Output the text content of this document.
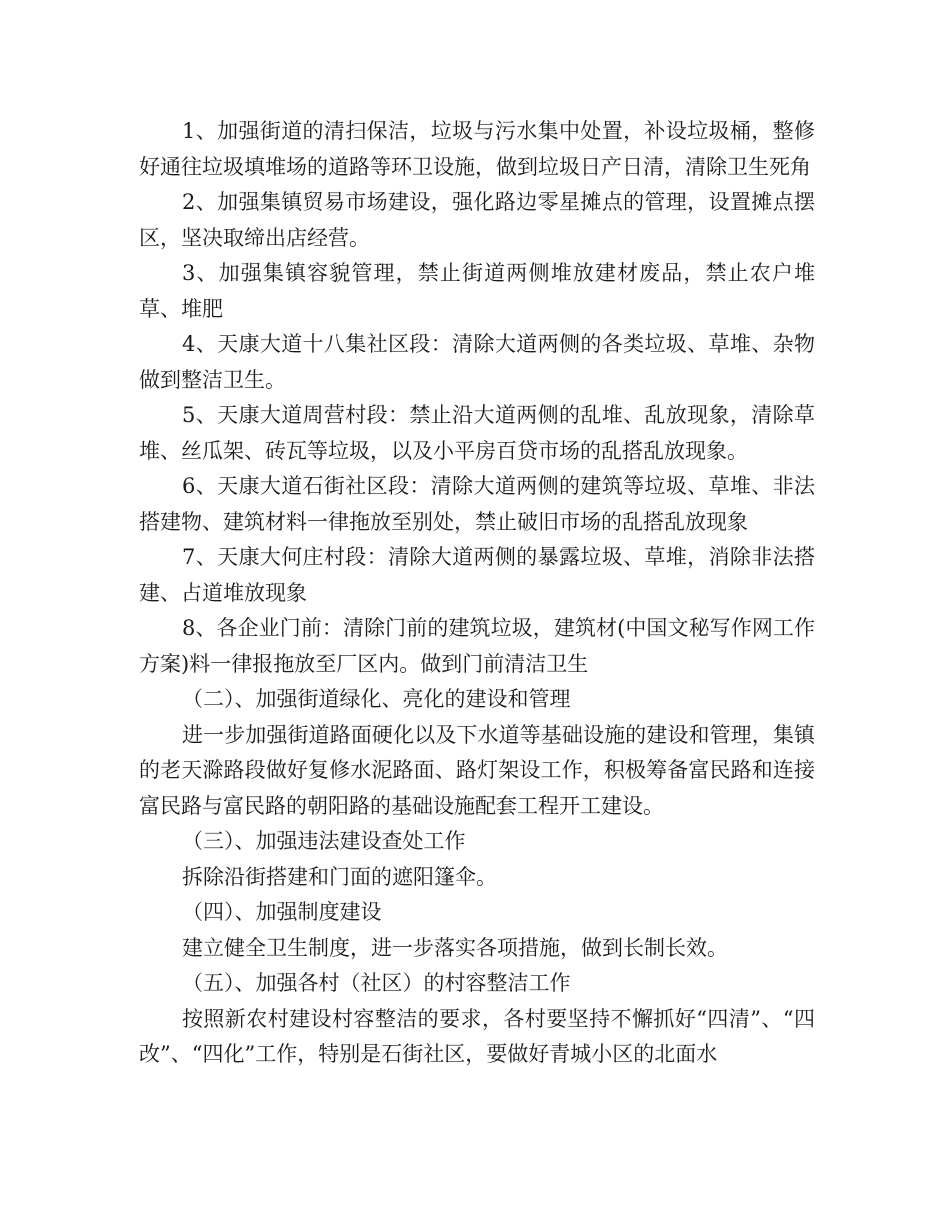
1、加强街道的清扫保洁，垃圾与污水集中处置，补设垃圾桶，整修好通往垃圾填堆场的道路等环卫设施，做到垃圾日产日清，清除卫生死角

2、加强集镇贸易市场建设，强化路边零星摊点的管理，设置摊点摆区，坚决取缔出店经营。

3、加强集镇容貌管理，禁止街道两侧堆放建材废品，禁止农户堆草、堆肥

4、天康大道十八集社区段：清除大道两侧的各类垃圾、草堆、杂物做到整洁卫生。

5、天康大道周营村段：禁止沿大道两侧的乱堆、乱放现象，清除草堆、丝瓜架、砖瓦等垃圾，以及小平房百贷市场的乱搭乱放现象。

6、天康大道石街社区段：清除大道两侧的建筑等垃圾、草堆、非法搭建物、建筑材料一律拖放至别处，禁止破旧市场的乱搭乱放现象

7、天康大何庄村段：清除大道两侧的暴露垃圾、草堆，消除非法搭建、占道堆放现象

8、各企业门前：清除门前的建筑垃圾，建筑材(中国文秘写作网工作方案)料一律报拖放至厂区内。做到门前清洁卫生

（二）、加强街道绿化、亮化的建设和管理

进一步加强街道路面硬化以及下水道等基础设施的建设和管理，集镇的老天滁路段做好复修水泥路面、路灯架设工作，积极筹备富民路和连接富民路与富民路的朝阳路的基础设施配套工程开工建设。

（三）、加强违法建设查处工作

拆除沿街搭建和门面的遮阳篷伞。

（四）、加强制度建设

建立健全卫生制度，进一步落实各项措施，做到长制长效。

（五）、加强各村（社区）的村容整洁工作

按照新农村建设村容整洁的要求，各村要坚持不懈抓好“四清”、“四改”、“四化”工作，特别是石街社区，要做好青城小区的北面水
